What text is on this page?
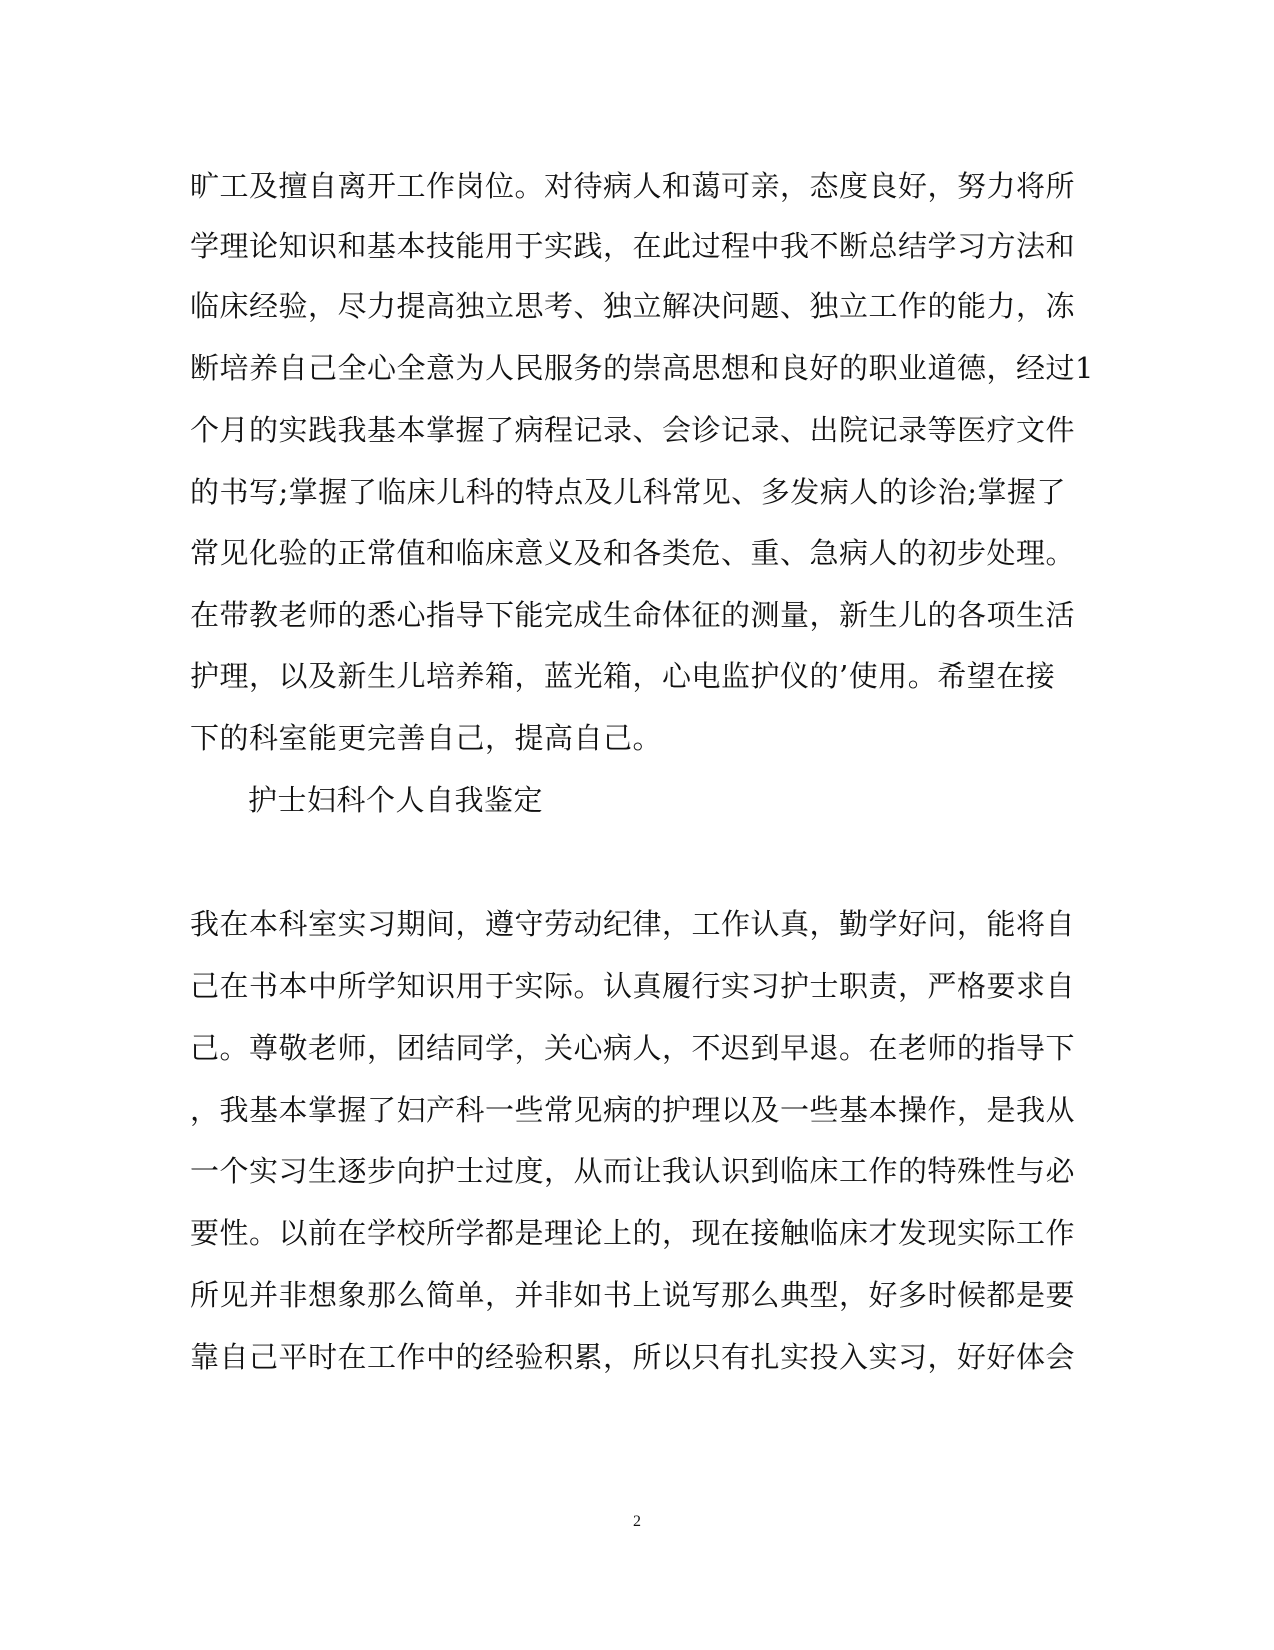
旷工及擅自离开工作岗位。对待病人和蔼可亲，态度良好，努力将所
学理论知识和基本技能用于实践，在此过程中我不断总结学习方法和
临床经验，尽力提高独立思考、独立解决问题、独立工作的能力，冻
断培养自己全心全意为人民服务的崇高思想和良好的职业道德，经过1
个月的实践我基本掌握了病程记录、会诊记录、出院记录等医疗文件
的书写;掌握了临床儿科的特点及儿科常见、多发病人的诊治;掌握了
常见化验的正常值和临床意义及和各类危、重、急病人的初步处理。
在带教老师的悉心指导下能完成生命体征的测量，新生儿的各项生活
护理，以及新生儿培养箱，蓝光箱，心电监护仪的’使用。希望在接
下的科室能更完善自己，提高自己。
护士妇科个人自我鉴定
我在本科室实习期间，遵守劳动纪律，工作认真，勤学好问，能将自
己在书本中所学知识用于实际。认真履行实习护士职责，严格要求自
己。尊敬老师，团结同学，关心病人，不迟到早退。在老师的指导下
，我基本掌握了妇产科一些常见病的护理以及一些基本操作，是我从
一个实习生逐步向护士过度，从而让我认识到临床工作的特殊性与必
要性。以前在学校所学都是理论上的，现在接触临床才发现实际工作
所见并非想象那么简单，并非如书上说写那么典型，好多时候都是要
靠自己平时在工作中的经验积累，所以只有扎实投入实习，好好体会
2
